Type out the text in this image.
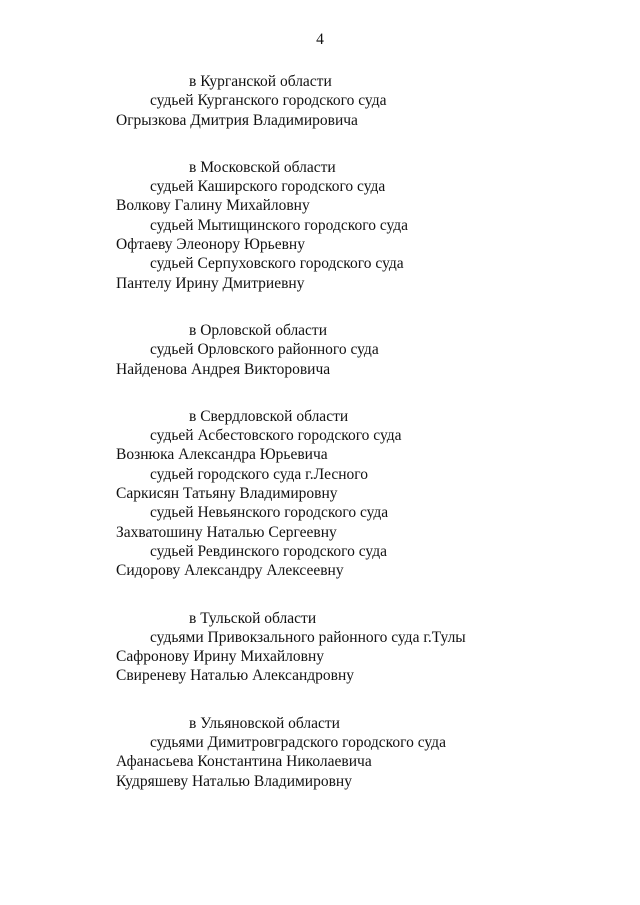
4
в Курганской области
судьей Курганского городского суда
Огрызкова Дмитрия Владимировича
в Московской области
судьей Каширского городского суда
Волкову Галину Михайловну
судьей Мытищинского городского суда
Офтаеву Элеонору Юрьевну
судьей Серпуховского городского суда
Пантелу Ирину Дмитриевну
в Орловской области
судьей Орловского районного суда
Найденова Андрея Викторовича
в Свердловской области
судьей Асбестовского городского суда
Вознюка Александра Юрьевича
судьей городского суда г.Лесного
Саркисян Татьяну Владимировну
судьей Невьянского городского суда
Захватошину Наталью Сергеевну
судьей Ревдинского городского суда
Сидорову Александру Алексеевну
в Тульской области
судьями Привокзального районного суда г.Тулы
Сафронову Ирину Михайловну
Свиреневу Наталью Александровну
в Ульяновской области
судьями Димитровградского городского суда
Афанасьева Константина Николаевича
Кудряшеву Наталью Владимировну
